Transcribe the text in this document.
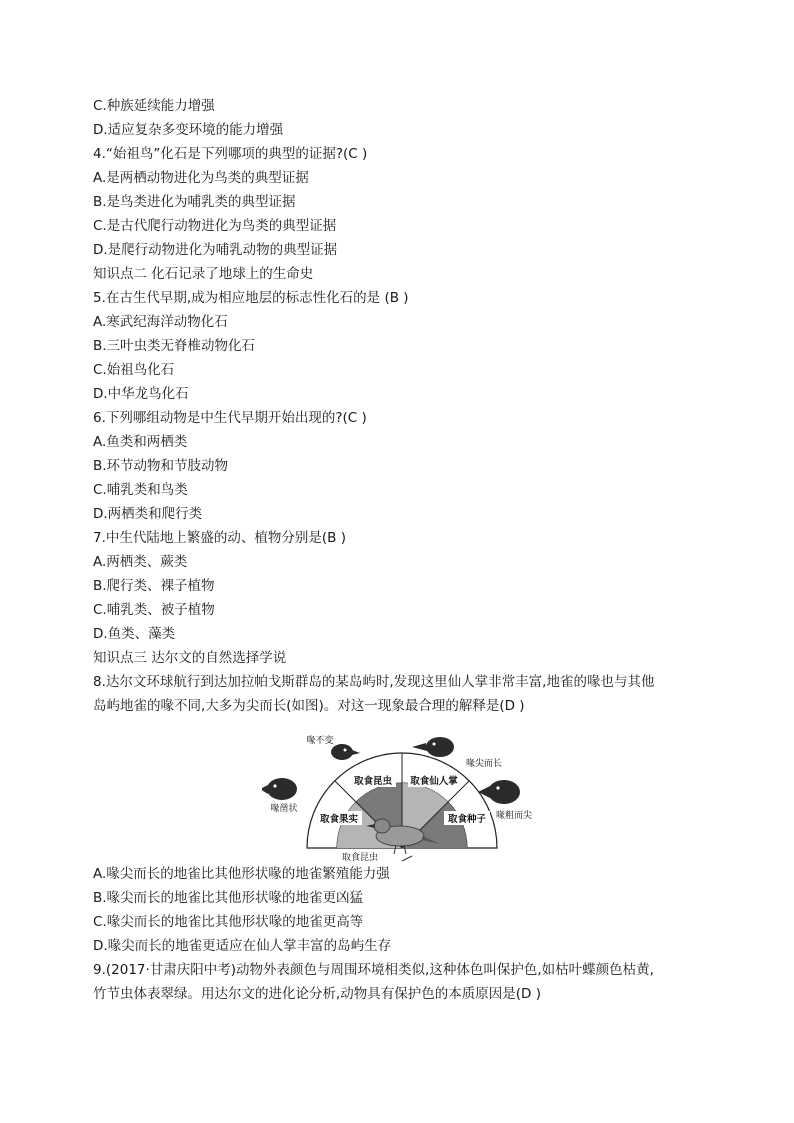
C.种族延续能力增强
D.适应复杂多变环境的能力增强
4.“始祖鸟”化石是下列哪项的典型的证据?(C )
A.是两栖动物进化为鸟类的典型证据
B.是鸟类进化为哺乳类的典型证据
C.是古代爬行动物进化为鸟类的典型证据
D.是爬行动物进化为哺乳动物的典型证据
知识点二 化石记录了地球上的生命史
5.在古生代早期,成为相应地层的标志性化石的是 (B )
A.寒武纪海洋动物化石
B.三叶虫类无脊椎动物化石
C.始祖鸟化石
D.中华龙鸟化石
6.下列哪组动物是中生代早期开始出现的?(C )
A.鱼类和两栖类
B.环节动物和节肢动物
C.哺乳类和鸟类
D.两栖类和爬行类
7.中生代陆地上繁盛的动、植物分别是(B )
A.两栖类、蕨类
B.爬行类、裸子植物
C.哺乳类、被子植物
D.鱼类、藻类
知识点三 达尔文的自然选择学说
8.达尔文环球航行到达加拉帕戈斯群岛的某岛屿时,发现这里仙人掌非常丰富,地雀的喙也与其他
岛屿地雀的喙不同,大多为尖而长(如图)。对这一现象最合理的解释是(D )
取食昆虫 取食仙人掌
取食果实	取食种子
喙不变
喙尖而长
喙凿状
喙粗而尖
取食昆虫
A.喙尖而长的地雀比其他形状喙的地雀繁殖能力强
B.喙尖而长的地雀比其他形状喙的地雀更凶猛
C.喙尖而长的地雀比其他形状喙的地雀更高等
D.喙尖而长的地雀更适应在仙人掌丰富的岛屿生存
9.(2017·甘肃庆阳中考)动物外表颜色与周围环境相类似,这种体色叫保护色,如枯叶蝶颜色枯黄,
竹节虫体表翠绿。用达尔文的进化论分析,动物具有保护色的本质原因是(D )
